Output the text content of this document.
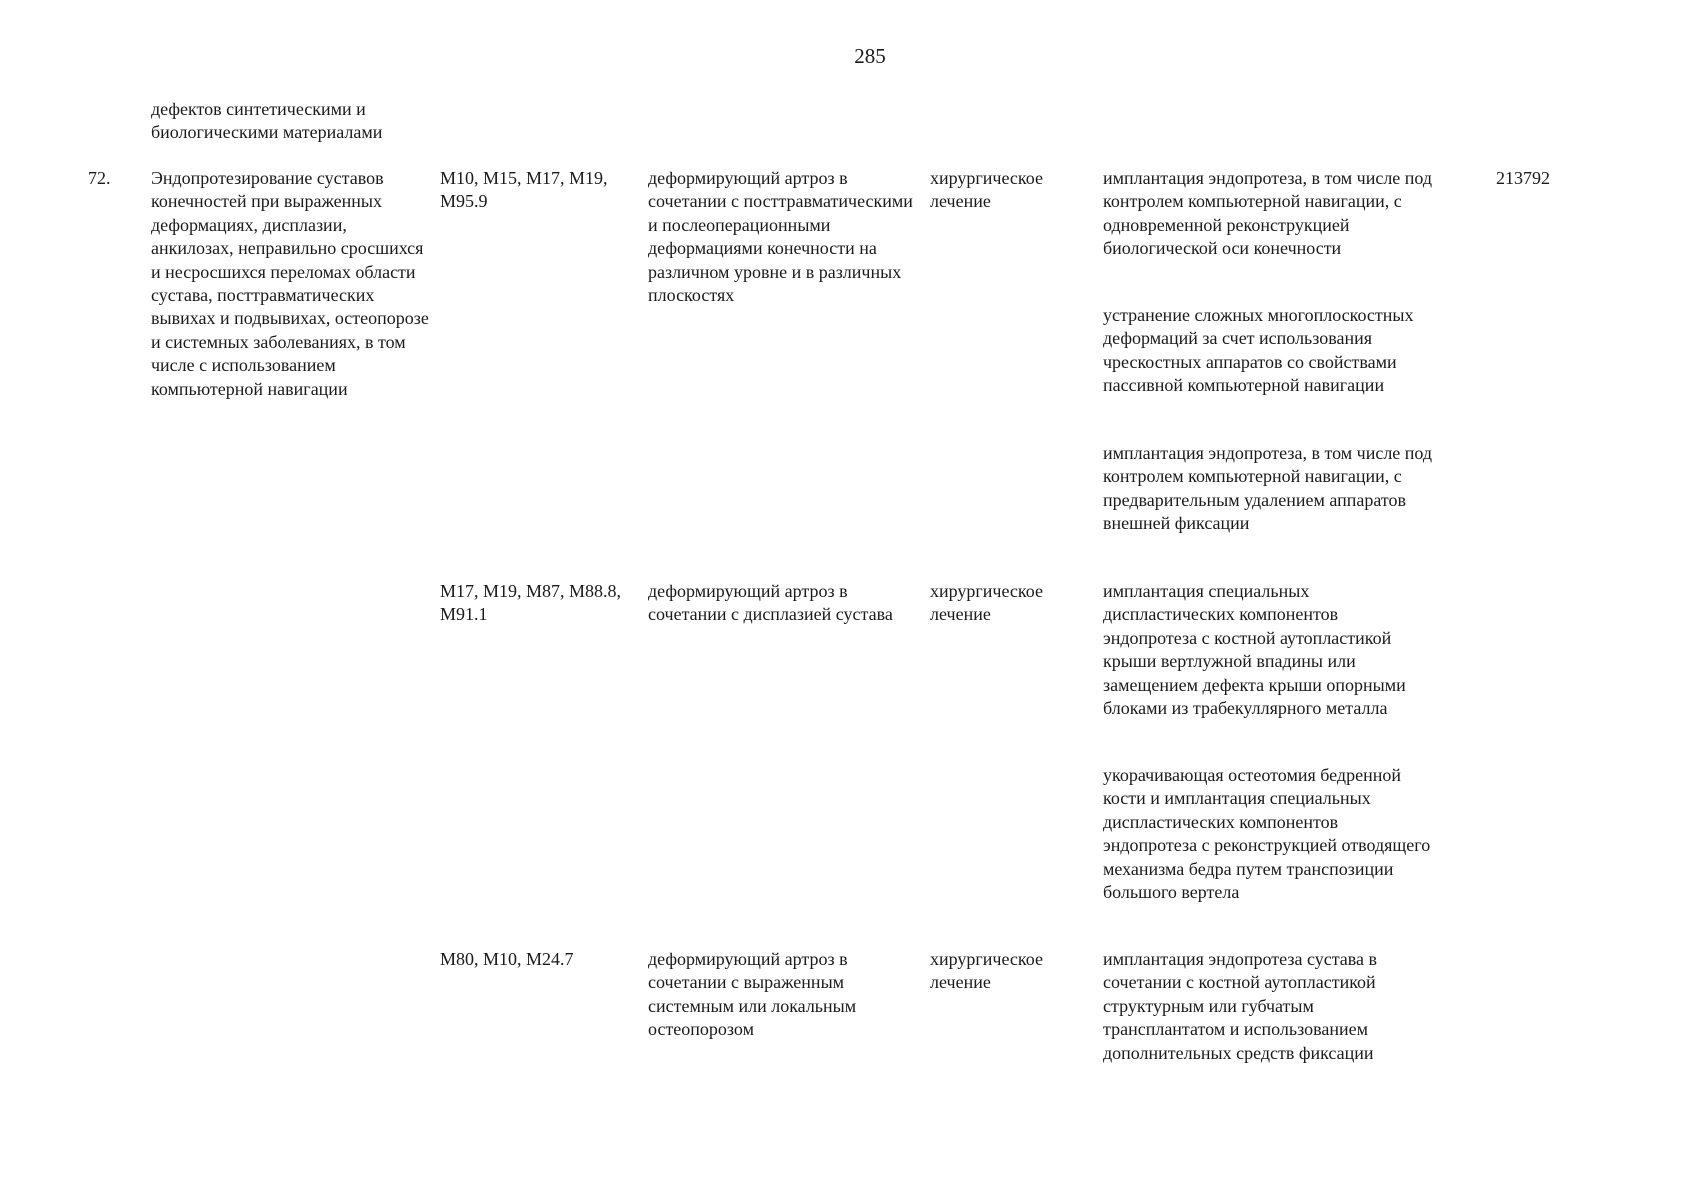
285
дефектов синтетическими и биологическими материалами
72.	Эндопротезирование суставов конечностей при выраженных деформациях, дисплазии, анкилозах, неправильно сросшихся и несросшихся переломах области сустава, посттравматических вывихах и подвывихах, остеопорозе и системных заболеваниях, в том числе с использованием компьютерной навигации
213792
M10, M15, M17, M19, M95.9
деформирующий артроз в сочетании с посттравматическими и послеоперационными деформациями конечности на различном уровне и в различных плоскостях
хирургическое лечение
имплантация эндопротеза, в том числе под контролем компьютерной навигации, с одновременной реконструкцией биологической оси конечности
устранение сложных многоплоскостных деформаций за счет использования чрескостных аппаратов со свойствами пассивной компьютерной навигации
имплантация эндопротеза, в том числе под контролем компьютерной навигации, с предварительным удалением аппаратов внешней фиксации
M17, M19, M87, M88.8, M91.1
деформирующий артроз в сочетании с дисплазией сустава
хирургическое лечение
имплантация специальных диспластических компонентов эндопротеза с костной аутопластикой крыши вертлужной впадины или замещением дефекта крыши опорными блоками из трабекуллярного металла
укорачивающая остеотомия бедренной кости и имплантация специальных диспластических компонентов эндопротеза с реконструкцией отводящего механизма бедра путем транспозиции большого вертела
M80, M10, M24.7	деформирующий артроз в сочетании с выраженным системным или локальным остеопорозом
хирургическое лечение
имплантация эндопротеза сустава в сочетании с костной аутопластикой структурным или губчатым трансплантатом и использованием дополнительных средств фиксации
